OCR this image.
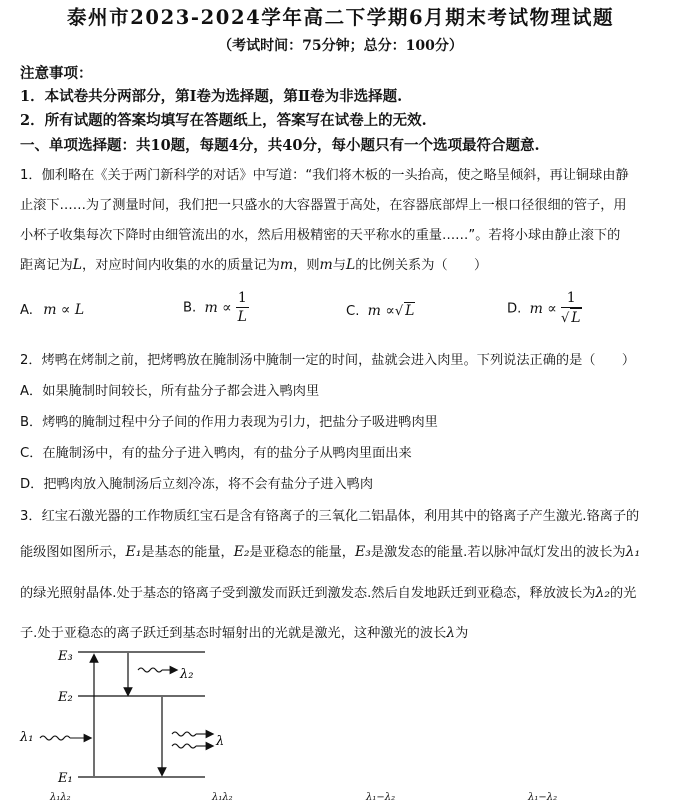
泰州市2023-2024学年高二下学期6月期末考试物理试题
（考试时间：75分钟；总分：100分）
注意事项：
1．本试卷共分两部分，第Ⅰ卷为选择题，第Ⅱ卷为非选择题.
2．所有试题的答案均填写在答题纸上，答案写在试卷上的无效.
一、单项选择题：共10题，每题4分，共40分，每小题只有一个选项最符合题意.
1．伽利略在《关于两门新科学的对话》中写道：“我们将木板的一头抬高，使之略呈倾斜，再让铜球由静
止滚下……为了测量时间，我们把一只盛水的大容器置于高处，在容器底部焊上一根口径很细的管子，用
小杯子收集每次下降时由细管流出的水，然后用极精密的天平称水的重量……”。若将小球由静止滚下的
距离记为L，对应时间内收集的水的质量记为m，则m与L的比例关系为（　　）
A. m ∝ L	B. $m \propto \frac{1}{L}$	C. m ∝√ L	D. $m \propto \frac{1}{√ L}$
2．烤鸭在烤制之前，把烤鸭放在腌制汤中腌制一定的时间，盐就会进入肉里。下列说法正确的是（　　）
A．如果腌制时间较长，所有盐分子都会进入鸭肉里
B．烤鸭的腌制过程中分子间的作用力表现为引力，把盐分子吸进鸭肉里
C．在腌制汤中，有的盐分子进入鸭肉，有的盐分子从鸭肉里面出来
D．把鸭肉放入腌制汤后立刻冷冻，将不会有盐分子进入鸭肉
3．红宝石激光器的工作物质红宝石是含有铬离子的三氧化二铝晶体，利用其中的铬离子产生激光.铬离子的
能级图如图所示，E₁是基态的能量，E₂是亚稳态的能量，E₃是激发态的能量.若以脉冲氙灯发出的波长为λ₁
的绿光照射晶体.处于基态的铬离子受到激发而跃迁到激发态.然后自发地跃迁到亚稳态，释放波长为λ₂的光
子.处于亚稳态的离子跃迁到基态时辐射出的光就是激光，这种激光的波长λ为
E₃
E₂
E₁
λ₁
λ₂
λ
λ₁λ₂	λ₁λ₂	λ₁−λ₂	λ₁−λ₂
